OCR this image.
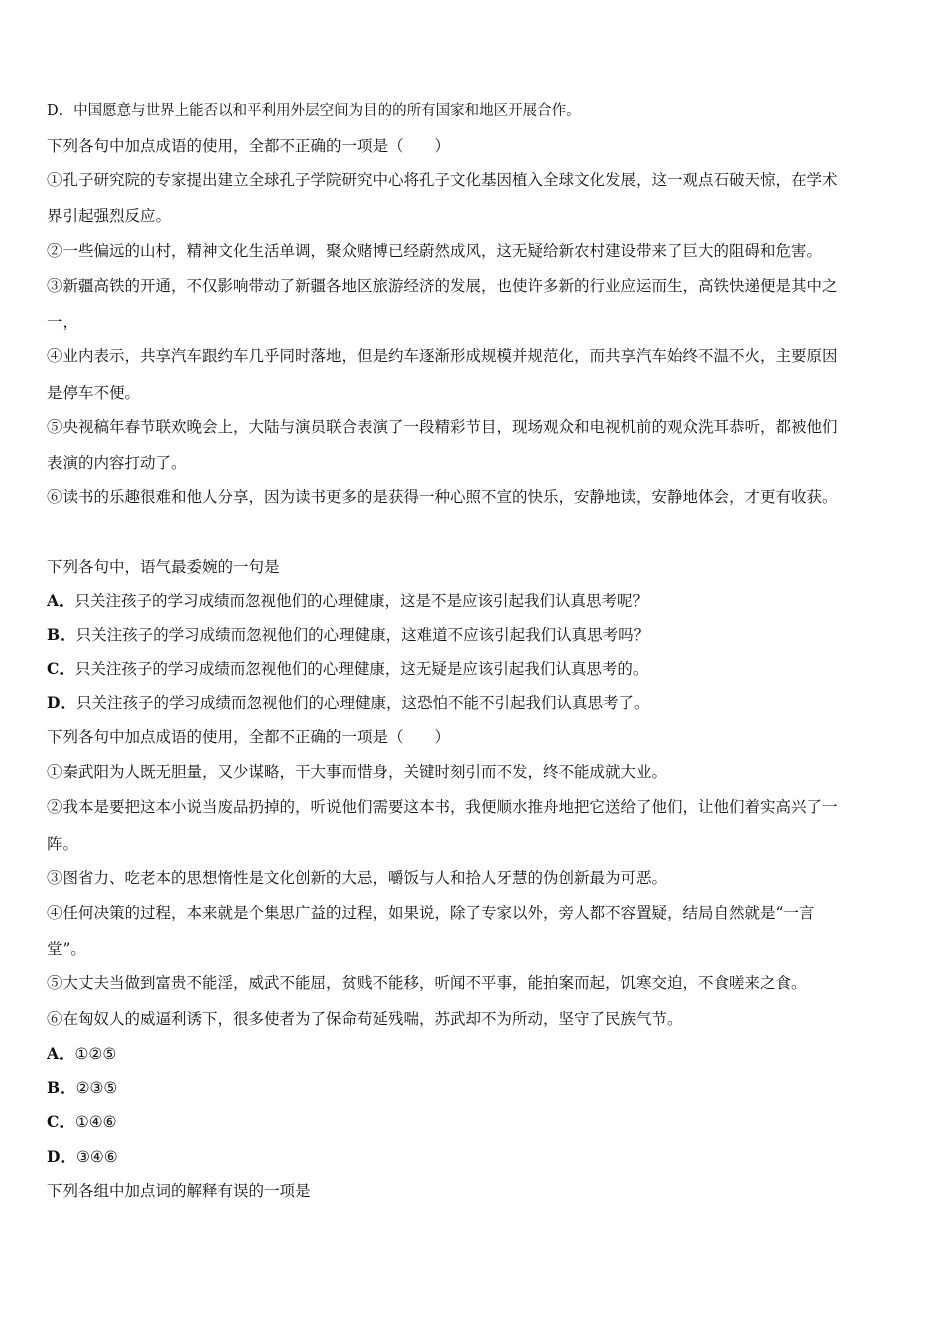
D．中国愿意与世界上能否以和平利用外层空间为目的的所有国家和地区开展合作。
下列各句中加点成语的使用，全都不正确的一项是（　　）
①孔子研究院的专家提出建立全球孔子学院研究中心将孔子文化基因植入全球文化发展，这一观点石破天惊，在学术
界引起强烈反应。
②一些偏远的山村，精神文化生活单调，聚众赌博已经蔚然成风，这无疑给新农村建设带来了巨大的阻碍和危害。
③新疆高铁的开通，不仅影响带动了新疆各地区旅游经济的发展，也使许多新的行业应运而生，高铁快递便是其中之
一，
④业内表示，共享汽车跟约车几乎同时落地，但是约车逐渐形成规模并规范化，而共享汽车始终不温不火，主要原因
是停车不便。
⑤央视稿年春节联欢晚会上，大陆与演员联合表演了一段精彩节目，现场观众和电视机前的观众洗耳恭听，都被他们
表演的内容打动了。
⑥读书的乐趣很难和他人分享，因为读书更多的是获得一种心照不宣的快乐，安静地读，安静地体会，才更有收获。
下列各句中，语气最委婉的一句是
A．只关注孩子的学习成绩而忽视他们的心理健康，这是不是应该引起我们认真思考呢？
B．只关注孩子的学习成绩而忽视他们的心理健康，这难道不应该引起我们认真思考吗？
C．只关注孩子的学习成绩而忽视他们的心理健康，这无疑是应该引起我们认真思考的。
D．只关注孩子的学习成绩而忽视他们的心理健康，这恐怕不能不引起我们认真思考了。
下列各句中加点成语的使用，全都不正确的一项是（　　）
①秦武阳为人既无胆量，又少谋略，干大事而惜身，关键时刻引而不发，终不能成就大业。
②我本是要把这本小说当废品扔掉的，听说他们需要这本书，我便顺水推舟地把它送给了他们，让他们着实高兴了一
阵。
③图省力、吃老本的思想惰性是文化创新的大忌，嚼饭与人和拾人牙慧的伪创新最为可恶。
④任何决策的过程，本来就是个集思广益的过程，如果说，除了专家以外，旁人都不容置疑，结局自然就是“一言
堂”。
⑤大丈夫当做到富贵不能淫，威武不能屈，贫贱不能移，听闻不平事，能拍案而起，饥寒交迫，不食嗟来之食。
⑥在匈奴人的威逼利诱下，很多使者为了保命苟延残喘，苏武却不为所动，坚守了民族气节。
A．①②⑤
B．②③⑤
C．①④⑥
D．③④⑥
下列各组中加点词的解释有误的一项是
